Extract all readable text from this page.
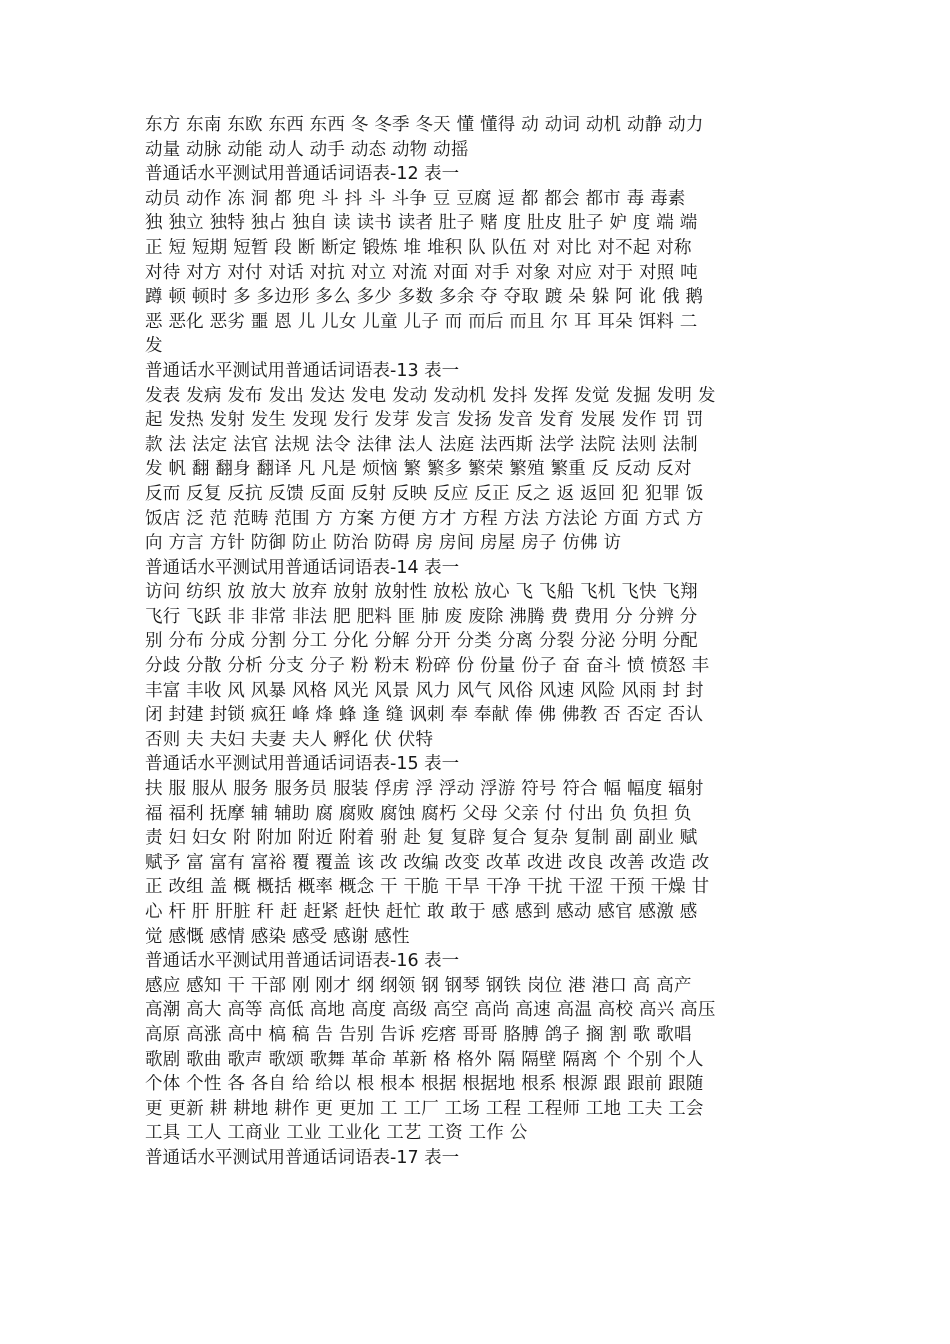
东方 东南 东欧 东西 东西 冬 冬季 冬天 懂 懂得 动 动词 动机 动静 动力
动量 动脉 动能 动人 动手 动态 动物 动摇
普通话水平测试用普通话词语表-12 表一
动员 动作 冻 洞 都 兜 斗 抖 斗 斗争 豆 豆腐 逗 都 都会 都市 毒 毒素
独 独立 独特 独占 独自 读 读书 读者 肚子 赌 度 肚皮 肚子 妒 度 端 端
正 短 短期 短暂 段 断 断定 锻炼 堆 堆积 队 队伍 对 对比 对不起 对称
对待 对方 对付 对话 对抗 对立 对流 对面 对手 对象 对应 对于 对照 吨
蹲 顿 顿时 多 多边形 多么 多少 多数 多余 夺 夺取 踱 朵 躲 阿 讹 俄 鹅
恶 恶化 恶劣 噩 恩 儿 儿女 儿童 儿子 而 而后 而且 尔 耳 耳朵 饵料 二
发
普通话水平测试用普通话词语表-13 表一
发表 发病 发布 发出 发达 发电 发动 发动机 发抖 发挥 发觉 发掘 发明 发
起 发热 发射 发生 发现 发行 发芽 发言 发扬 发音 发育 发展 发作 罚 罚
款 法 法定 法官 法规 法令 法律 法人 法庭 法西斯 法学 法院 法则 法制
发 帆 翻 翻身 翻译 凡 凡是 烦恼 繁 繁多 繁荣 繁殖 繁重 反 反动 反对
反而 反复 反抗 反馈 反面 反射 反映 反应 反正 反之 返 返回 犯 犯罪 饭
饭店 泛 范 范畴 范围 方 方案 方便 方才 方程 方法 方法论 方面 方式 方
向 方言 方针 防御 防止 防治 防碍 房 房间 房屋 房子 仿佛 访
普通话水平测试用普通话词语表-14 表一
访问 纺织 放 放大 放弃 放射 放射性 放松 放心 飞 飞船 飞机 飞快 飞翔
飞行 飞跃 非 非常 非法 肥 肥料 匪 肺 废 废除 沸腾 费 费用 分 分辨 分
别 分布 分成 分割 分工 分化 分解 分开 分类 分离 分裂 分泌 分明 分配
分歧 分散 分析 分支 分子 粉 粉末 粉碎 份 份量 份子 奋 奋斗 愤 愤怒 丰
丰富 丰收 风 风暴 风格 风光 风景 风力 风气 风俗 风速 风险 风雨 封 封
闭 封建 封锁 疯狂 峰 烽 蜂 逢 缝 讽刺 奉 奉献 俸 佛 佛教 否 否定 否认
否则 夫 夫妇 夫妻 夫人 孵化 伏 伏特
普通话水平测试用普通话词语表-15 表一
扶 服 服从 服务 服务员 服装 俘虏 浮 浮动 浮游 符号 符合 幅 幅度 辐射
福 福利 抚摩 辅 辅助 腐 腐败 腐蚀 腐朽 父母 父亲 付 付出 负 负担 负
责 妇 妇女 附 附加 附近 附着 驸 赴 复 复辟 复合 复杂 复制 副 副业 赋
赋予 富 富有 富裕 覆 覆盖 该 改 改编 改变 改革 改进 改良 改善 改造 改
正 改组 盖 概 概括 概率 概念 干 干脆 干旱 干净 干扰 干涩 干预 干燥 甘
心 杆 肝 肝脏 秆 赶 赶紧 赶快 赶忙 敢 敢于 感 感到 感动 感官 感激 感
觉 感慨 感情 感染 感受 感谢 感性
普通话水平测试用普通话词语表-16 表一
感应 感知 干 干部 刚 刚才 纲 纲领 钢 钢琴 钢铁 岗位 港 港口 高 高产
高潮 高大 高等 高低 高地 高度 高级 高空 高尚 高速 高温 高校 高兴 高压
高原 高涨 高中 槁 稿 告 告别 告诉 疙瘩 哥哥 胳膊 鸽子 搁 割 歌 歌唱
歌剧 歌曲 歌声 歌颂 歌舞 革命 革新 格 格外 隔 隔壁 隔离 个 个别 个人
个体 个性 各 各自 给 给以 根 根本 根据 根据地 根系 根源 跟 跟前 跟随
更 更新 耕 耕地 耕作 更 更加 工 工厂 工场 工程 工程师 工地 工夫 工会
工具 工人 工商业 工业 工业化 工艺 工资 工作 公
普通话水平测试用普通话词语表-17 表一
